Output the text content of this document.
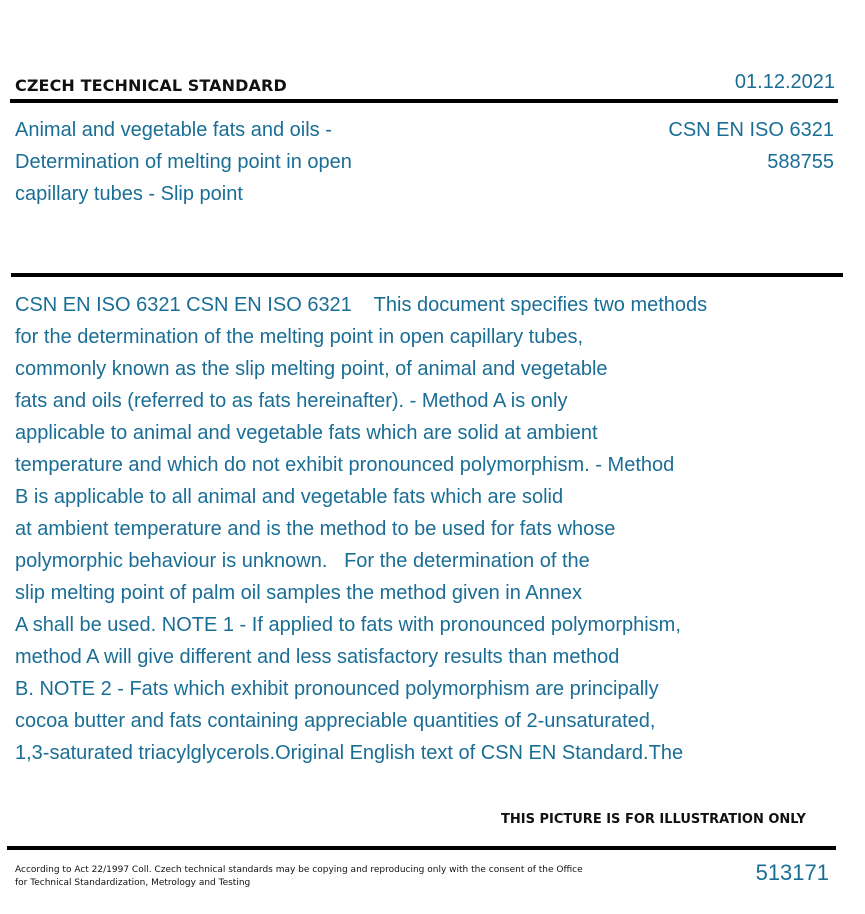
CZECH TECHNICAL STANDARD	01.12.2021
Animal and vegetable fats and oils -
Determination of melting point in open
capillary tubes - Slip point
CSN EN ISO 6321
588755
CSN EN ISO 6321 CSN EN ISO 6321    This document specifies two methods
for the determination of the melting point in open capillary tubes,
commonly known as the slip melting point, of animal and vegetable
fats and oils (referred to as fats hereinafter). - Method A is only
applicable to animal and vegetable fats which are solid at ambient
temperature and which do not exhibit pronounced polymorphism. - Method
B is applicable to all animal and vegetable fats which are solid
at ambient temperature and is the method to be used for fats whose
polymorphic behaviour is unknown.   For the determination of the
slip melting point of palm oil samples the method given in Annex
A shall be used. NOTE 1 - If applied to fats with pronounced polymorphism,
method A will give different and less satisfactory results than method
B. NOTE 2 - Fats which exhibit pronounced polymorphism are principally
cocoa butter and fats containing appreciable quantities of 2-unsaturated,
1,3-saturated triacylglycerols.Original English text of CSN EN Standard.The
THIS PICTURE IS FOR ILLUSTRATION ONLY
According to Act 22/1997 Coll. Czech technical standards may be copying and reproducing only with the consent of the Office
for Technical Standardization, Metrology and Testing	513171
